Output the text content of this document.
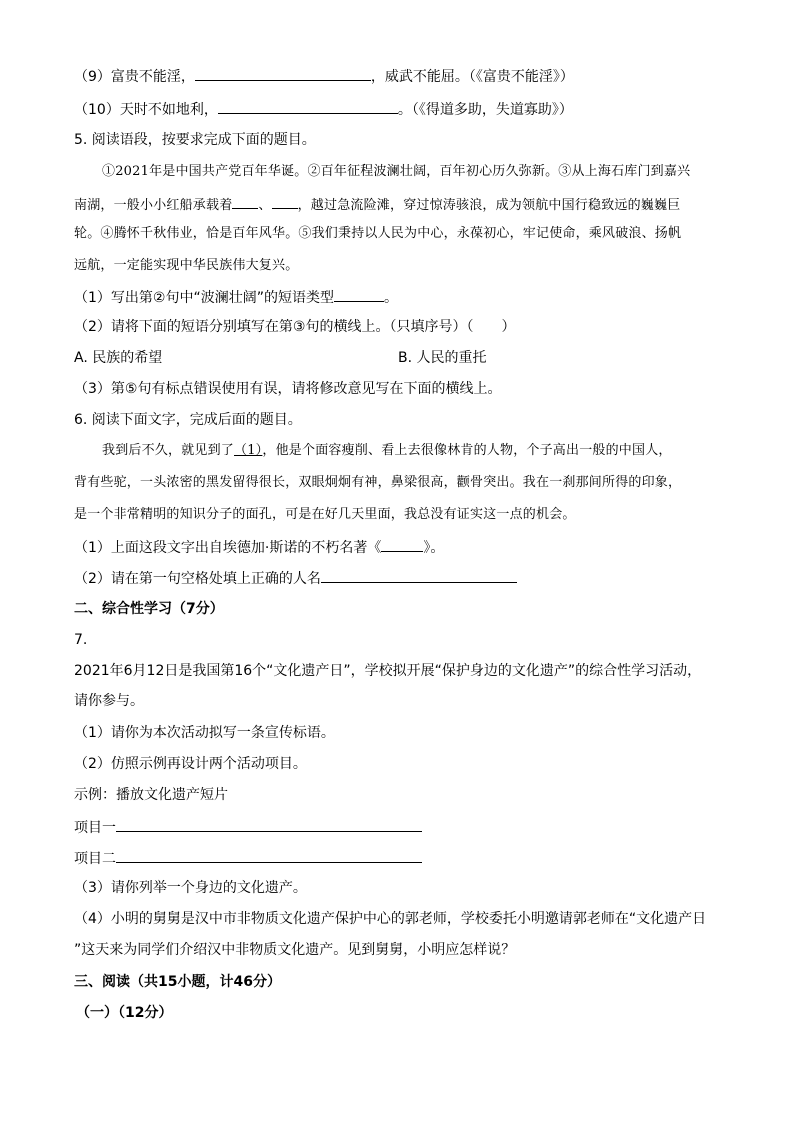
（9）富贵不能淫，	，威武不能屈。（《富贵不能淫》）
（10）天时不如地利，	。（《得道多助，失道寡助》）
5. 阅读语段，按要求完成下面的题目。
①2021年是中国共产党百年华诞。②百年征程波澜壮阔，百年初心历久弥新。③从上海石库门到嘉兴
南湖，一般小小红船承载着 、 ，越过急流险滩，穿过惊涛骇浪，成为领航中国行稳致远的巍巍巨
轮。④腾怀千秋伟业，恰是百年风华。⑤我们秉持以人民为中心，永葆初心，牢记使命，乘风破浪、扬帆
远航，一定能实现中华民族伟大复兴。
（1）写出第②句中“波澜壮阔”的短语类型	。
（2）请将下面的短语分别填写在第③句的横线上。（只填序号）（　　）
A. 民族的希望	B. 人民的重托
（3）第⑤句有标点错误使用有误，请将修改意见写在下面的横线上。
6. 阅读下面文字，完成后面的题目。
我到后不久，就见到了（1），他是个面容瘦削、看上去很像林肯的人物，个子高出一般的中国人，
背有些驼，一头浓密的黑发留得很长，双眼炯炯有神，鼻梁很高，颧骨突出。我在一刹那间所得的印象，
是一个非常精明的知识分子的面孔，可是在好几天里面，我总没有证实这一点的机会。
（1）上面这段文字出自埃德加·斯诺的不朽名著《	》。
（2）请在第一句空格处填上正确的人名
二、综合性学习（7分）
7.
2021年6月12日是我国第16个“文化遗产日”，学校拟开展“保护身边的文化遗产”的综合性学习活动，
请你参与。
（1）请你为本次活动拟写一条宣传标语。
（2）仿照示例再设计两个活动项目。
示例：播放文化遗产短片
项目一
项目二
（3）请你列举一个身边的文化遗产。
（4）小明的舅舅是汉中市非物质文化遗产保护中心的郭老师，学校委托小明邀请郭老师在“文化遗产日
”这天来为同学们介绍汉中非物质文化遗产。见到舅舅，小明应怎样说？
三、阅读（共15小题，计46分）
（一）（12分）
